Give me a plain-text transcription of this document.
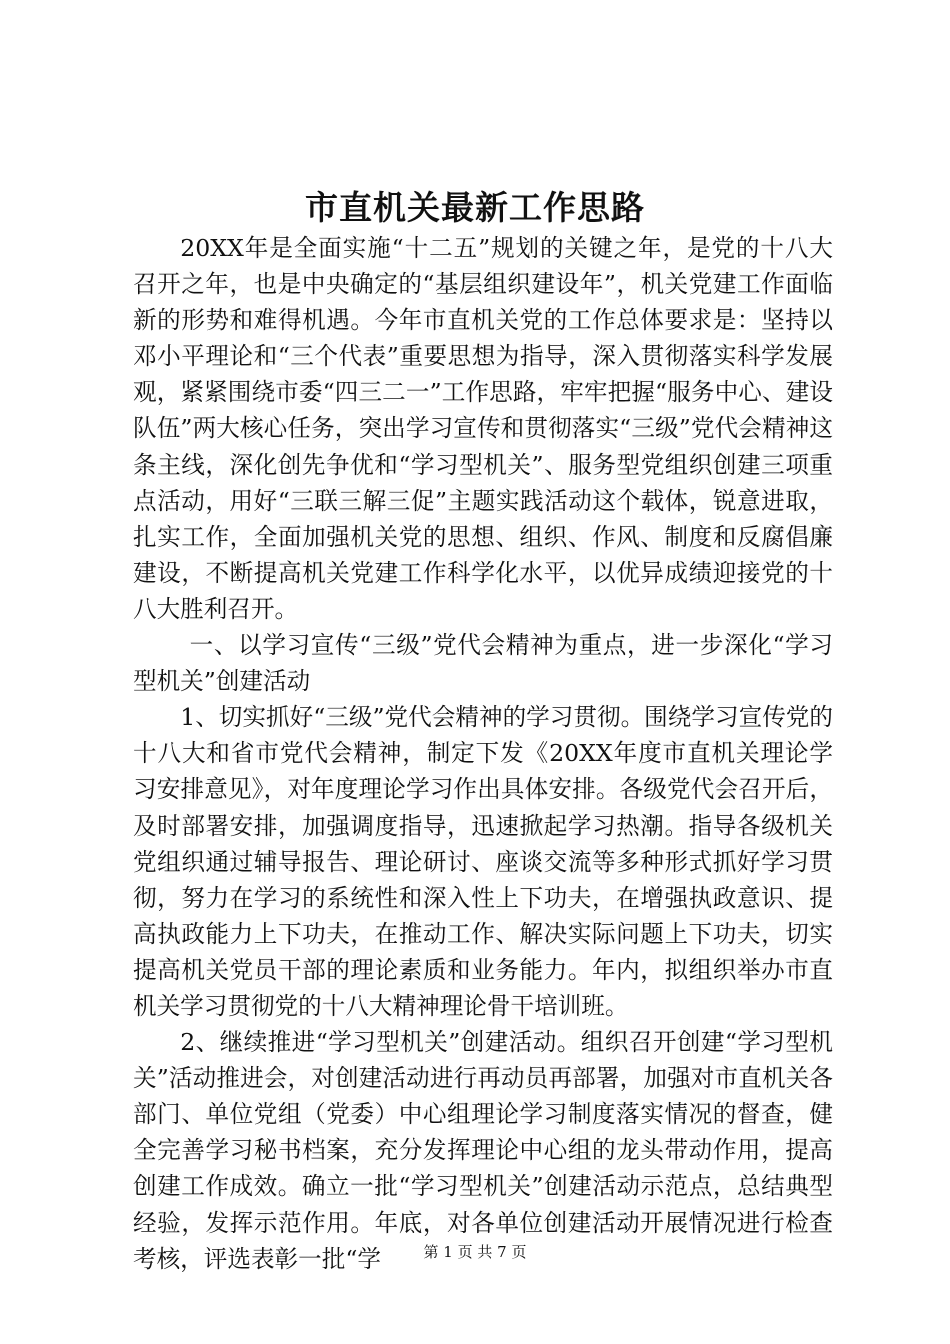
市直机关最新工作思路

20XX年是全面实施“十二五”规划的关键之年，是党的十八大召开之年，也是中央确定的“基层组织建设年”，机关党建工作面临新的形势和难得机遇。今年市直机关党的工作总体要求是：坚持以邓小平理论和“三个代表”重要思想为指导，深入贯彻落实科学发展观，紧紧围绕市委“四三二一”工作思路，牢牢把握“服务中心、建设队伍”两大核心任务，突出学习宣传和贯彻落实“三级”党代会精神这条主线，深化创先争优和“学习型机关”、服务型党组织创建三项重点活动，用好“三联三解三促”主题实践活动这个载体，锐意进取，扎实工作，全面加强机关党的思想、组织、作风、制度和反腐倡廉建设，不断提高机关党建工作科学化水平，以优异成绩迎接党的十八大胜利召开。

一、以学习宣传“三级”党代会精神为重点，进一步深化“学习型机关”创建活动

1、切实抓好“三级”党代会精神的学习贯彻。围绕学习宣传党的十八大和省市党代会精神，制定下发《20XX年度市直机关理论学习安排意见》，对年度理论学习作出具体安排。各级党代会召开后，及时部署安排，加强调度指导，迅速掀起学习热潮。指导各级机关党组织通过辅导报告、理论研讨、座谈交流等多种形式抓好学习贯彻，努力在学习的系统性和深入性上下功夫，在增强执政意识、提高执政能力上下功夫，在推动工作、解决实际问题上下功夫，切实提高机关党员干部的理论素质和业务能力。年内，拟组织举办市直机关学习贯彻党的十八大精神理论骨干培训班。

2、继续推进“学习型机关”创建活动。组织召开创建“学习型机关”活动推进会，对创建活动进行再动员再部署，加强对市直机关各部门、单位党组（党委）中心组理论学习制度落实情况的督查，健全完善学习秘书档案，充分发挥理论中心组的龙头带动作用，提高创建工作成效。确立一批“学习型机关”创建活动示范点，总结典型经验，发挥示范作用。年底，对各单位创建活动开展情况进行检查考核，评选表彰一批“学	第 1 页 共 7 页
